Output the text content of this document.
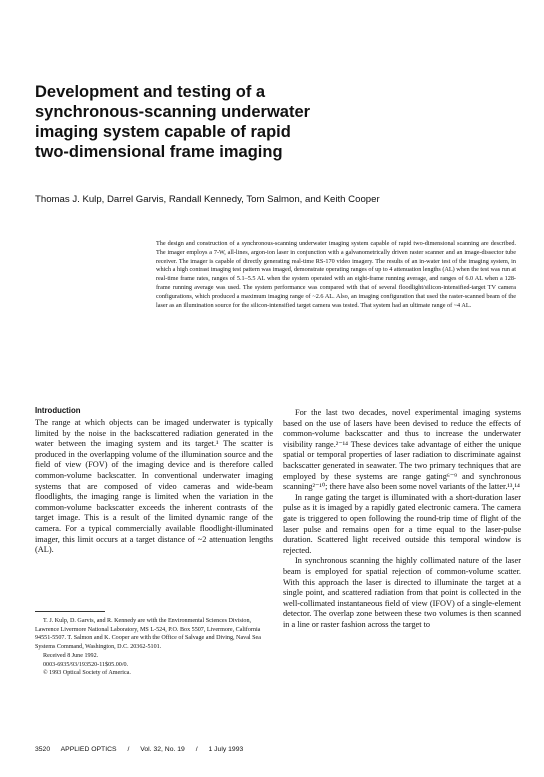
Development and testing of a
synchronous-scanning underwater
imaging system capable of rapid
two-dimensional frame imaging
Thomas J. Kulp, Darrel Garvis, Randall Kennedy, Tom Salmon, and Keith Cooper
The design and construction of a synchronous-scanning underwater imaging system capable of rapid two-dimensional scanning are described. The imager employs a 7-W, all-lines, argon-ion laser in conjunction with a galvanometrically driven raster scanner and an image-dissector tube receiver. The imager is capable of directly generating real-time RS-170 video imagery. The results of an in-water test of the imaging system, in which a high contrast imaging test pattern was imaged, demonstrate operating ranges of up to 4 attenuation lengths (AL) when the test was run at real-time frame rates, ranges of 5.1–5.5 AL when the system operated with an eight-frame running average, and ranges of 6.0 AL when a 128-frame running average was used. The system performance was compared with that of several floodlight/silicon-intensified-target TV camera configurations, which produced a maximum imaging range of ~2.6 AL. Also, an imaging configuration that used the raster-scanned beam of the laser as an illumination source for the silicon-intensified target camera was tested. That system had an ultimate range of ~4 AL.
Introduction

The range at which objects can be imaged underwater is typically limited by the noise in the backscattered radiation generated in the water between the imaging system and its target.¹ The scatter is produced in the overlapping volume of the illumination source and the field of view (FOV) of the imaging device and is therefore called common-volume backscatter. In conventional underwater imaging systems that are composed of video cameras and wide-beam floodlights, the imaging range is limited when the variation in the common-volume backscatter exceeds the inherent contrasts of the target image. This is a result of the limited dynamic range of the camera. For a typical commercially available floodlight-illuminated imager, this limit occurs at a target distance of ~2 attenuation lengths (AL).

For the last two decades, novel experimental imaging systems based on the use of lasers have been devised to reduce the effects of common-volume backscatter and thus to increase the underwater visibility range.²⁻¹⁴ These devices take advantage of either the unique spatial or temporal properties of laser radiation to discriminate against backscatter generated in seawater. The two primary techniques that are employed by these systems are range gating⁶⁻⁹ and synchronous scanning²⁻¹⁰; there have also been some novel variants of the latter.¹³,¹⁴

In range gating the target is illuminated with a short-duration laser pulse as it is imaged by a rapidly gated electronic camera. The camera gate is triggered to open following the round-trip time of flight of the laser pulse and remains open for a time equal to the laser-pulse duration. Scattered light received outside this temporal window is rejected.

In synchronous scanning the highly collimated nature of the laser beam is employed for spatial rejection of common-volume scatter. With this approach the laser is directed to illuminate the target at a single point, and scattered radiation from that point is collected in the well-collimated instantaneous field of view (IFOV) of a single-element detector. The overlap zone between these two volumes is then scanned in a line or raster fashion across the target to

T. J. Kulp, D. Garvis, and R. Kennedy are with the Environmental Sciences Division, Lawrence Livermore National Laboratory, MS L-524, P.O. Box 5507, Livermore, California 94551-5507. T. Salmon and K. Cooper are with the Office of Salvage and Diving, Naval Sea Systems Command, Washington, D.C. 20362-5101.

Received 8 June 1992.

0003-6935/93/193520-11$05.00/0.

© 1993 Optical Society of America.

3520 APPLIED OPTICS / Vol. 32, No. 19 / 1 July 1993
